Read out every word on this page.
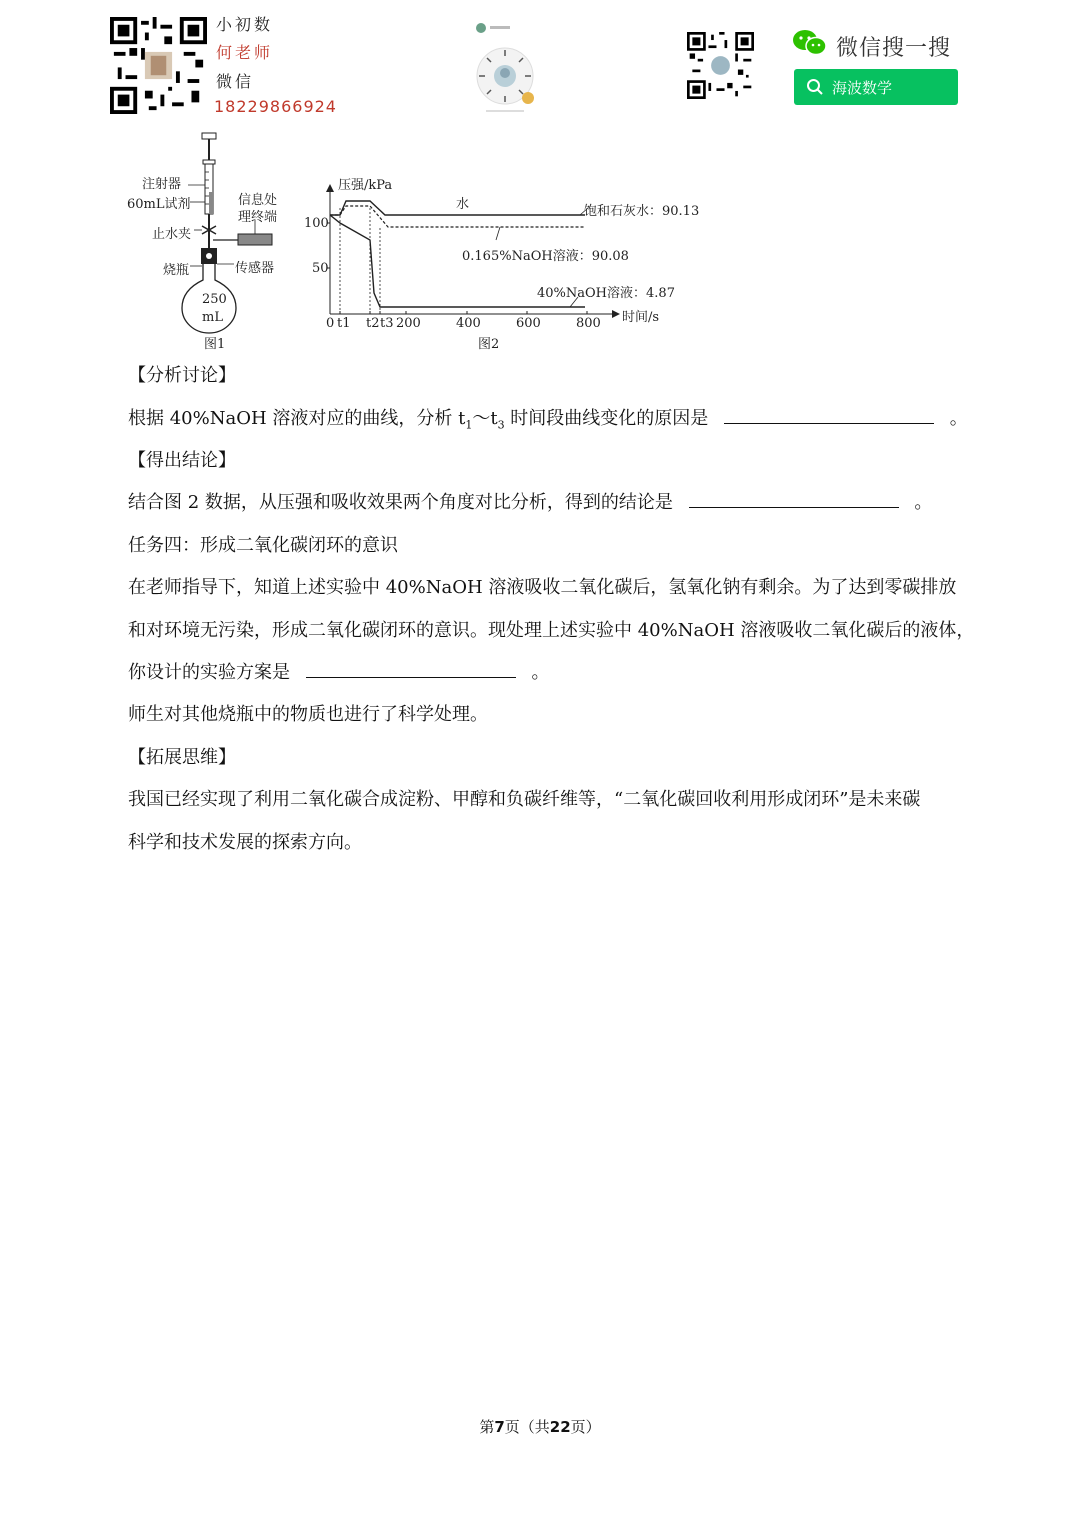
小初数
何老师
微信
18229866924
微信搜一搜
海波数学
注射器
60mL试剂
止水夹
烧瓶
信息处
理终端
传感器
250
mL
图1
压强/kPa
时间/s
100
50
0 t1 t2 t3 200	400	600	800
水	饱和石灰水：90.13
0.165%NaOH溶液：90.08
40%NaOH溶液：4.87
图2
【分析讨论】
根据 40%NaOH 溶液对应的曲线，分析 $t_1\sim t_3$ 时间段曲线变化的原因是	。
【得出结论】
结合图 2 数据，从压强和吸收效果两个角度对比分析，得到的结论是	。
任务四：形成二氧化碳闭环的意识
在老师指导下，知道上述实验中 40%NaOH 溶液吸收二氧化碳后，氢氧化钠有剩余。为了达到零碳排放
和对环境无污染，形成二氧化碳闭环的意识。现处理上述实验中 40%NaOH 溶液吸收二氧化碳后的液体，
你设计的实验方案是	。
师生对其他烧瓶中的物质也进行了科学处理。
【拓展思维】
我国已经实现了利用二氧化碳合成淀粉、甲醇和负碳纤维等，“二氧化碳回收利用形成闭环”是未来碳
科学和技术发展的探索方向。
第7页（共22页）
